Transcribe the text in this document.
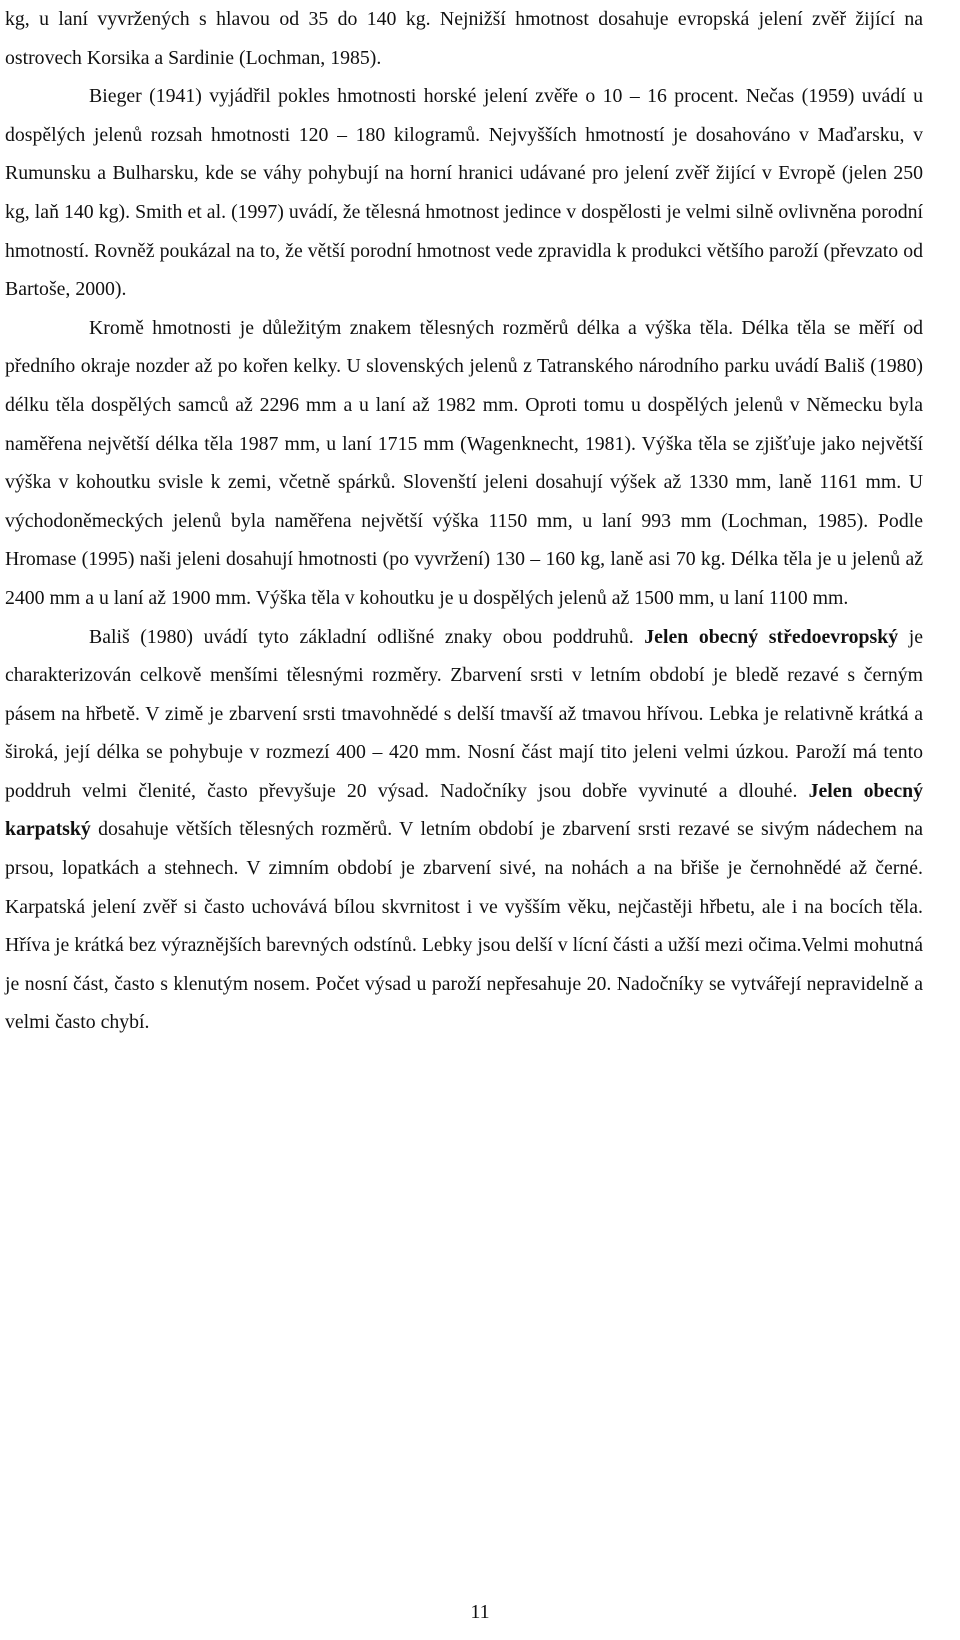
kg, u laní vyvržených s hlavou od 35 do 140 kg. Nejnižší hmotnost dosahuje evropská jelení zvěř žijící na ostrovech Korsika a Sardinie (Lochman, 1985).

Bieger (1941) vyjádřil pokles hmotnosti horské jelení zvěře o 10 – 16 procent. Nečas (1959) uvádí u dospělých jelenů rozsah hmotnosti 120 – 180 kilogramů. Nejvyšších hmotností je dosahováno v Maďarsku, v Rumunsku a Bulharsku, kde se váhy pohybují na horní hranici udávané pro jelení zvěř žijící v Evropě (jelen 250 kg, laň 140 kg). Smith et al. (1997) uvádí, že tělesná hmotnost jedince v dospělosti je velmi silně ovlivněna porodní hmotností. Rovněž poukázal na to, že větší porodní hmotnost vede zpravidla k produkci většího paroží (převzato od Bartoše, 2000).

Kromě hmotnosti je důležitým znakem tělesných rozměrů délka a výška těla. Délka těla se měří od předního okraje nozder až po kořen kelky. U slovenských jelenů z Tatranského národního parku uvádí Bališ (1980) délku těla dospělých samců až 2296 mm a u laní až 1982 mm. Oproti tomu u dospělých jelenů v Německu byla naměřena největší délka těla 1987 mm, u laní 1715 mm (Wagenknecht, 1981). Výška těla se zjišťuje jako největší výška v kohoutku svisle k zemi, včetně spárků. Slovenští jeleni dosahují výšek až 1330 mm, laně 1161 mm. U východoněmeckých jelenů byla naměřena největší výška 1150 mm, u laní 993 mm (Lochman, 1985). Podle Hromase (1995) naši jeleni dosahují hmotnosti (po vyvržení) 130 – 160 kg, laně asi 70 kg. Délka těla je u jelenů až 2400 mm a u laní až 1900 mm. Výška těla v kohoutku je u dospělých jelenů až 1500 mm, u laní 1100 mm.

Bališ (1980) uvádí tyto základní odlišné znaky obou poddruhů. Jelen obecný středoevropský je charakterizován celkově menšími tělesnými rozměry. Zbarvení srsti v letním období je bledě rezavé s černým pásem na hřbetě. V zimě je zbarvení srsti tmavohnědé s delší tmavší až tmavou hřívou. Lebka je relativně krátká a široká, její délka se pohybuje v rozmezí 400 – 420 mm. Nosní část mají tito jeleni velmi úzkou. Paroží má tento poddruh velmi členité, často převyšuje 20 výsad. Nadočníky jsou dobře vyvinuté a dlouhé. Jelen obecný karpatský dosahuje větších tělesných rozměrů. V letním období je zbarvení srsti rezavé se sivým nádechem na prsou, lopatkách a stehnech. V zimním období je zbarvení sivé, na nohách a na břiše je černohnědé až černé. Karpatská jelení zvěř si často uchovává bílou skvrnitost i ve vyšším věku, nejčastěji hřbetu, ale i na bocích těla. Hříva je krátká bez výraznějších barevných odstínů. Lebky jsou delší v lícní části a užší mezi očima.Velmi mohutná je nosní část, často s klenutým nosem. Počet výsad u paroží nepřesahuje 20. Nadočníky se vytvářejí nepravidelně a velmi často chybí.

11
